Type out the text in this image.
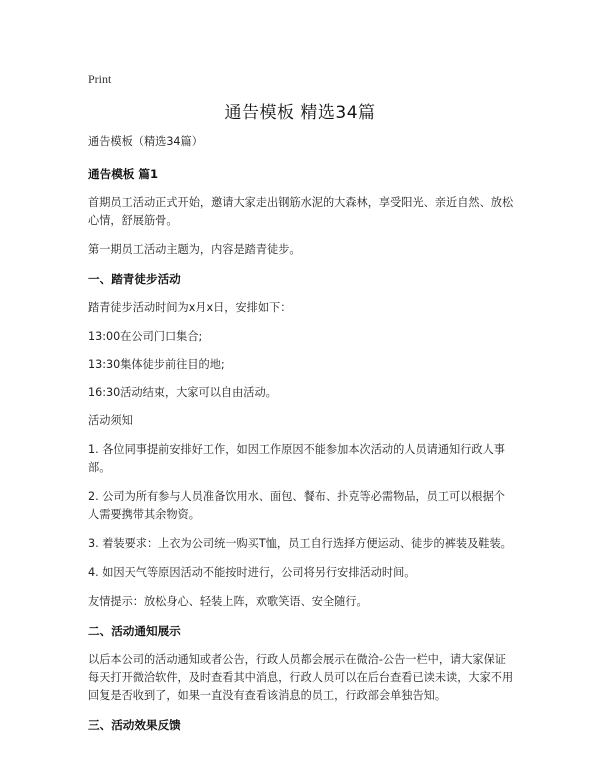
Print
通告模板 精选34篇

通告模板（精选34篇）

通告模板 篇1

首期员工活动正式开始，邀请大家走出钢筋水泥的大森林，享受阳光、亲近自然、放松心情，舒展筋骨。

第一期员工活动主题为，内容是踏青徒步。

一、踏青徒步活动

踏青徒步活动时间为x月x日，安排如下：

13:00在公司门口集合;

13:30集体徒步前往目的地;

16:30活动结束，大家可以自由活动。

活动须知

1. 各位同事提前安排好工作，如因工作原因不能参加本次活动的人员请通知行政人事部。

2. 公司为所有参与人员准备饮用水、面包、餐布、扑克等必需物品，员工可以根据个人需要携带其余物资。

3. 着装要求：上衣为公司统一购买T恤，员工自行选择方便运动、徒步的裤装及鞋装。

4. 如因天气等原因活动不能按时进行，公司将另行安排活动时间。

友情提示：放松身心、轻装上阵，欢歌笑语、安全随行。

二、活动通知展示

以后本公司的活动通知或者公告，行政人员都会展示在微洽-公告一栏中，请大家保证每天打开微洽软件，及时查看其中消息，行政人员可以在后台查看已读未读，大家不用回复是否收到了，如果一直没有查看该消息的员工，行政部会单独告知。

三、活动效果反馈
